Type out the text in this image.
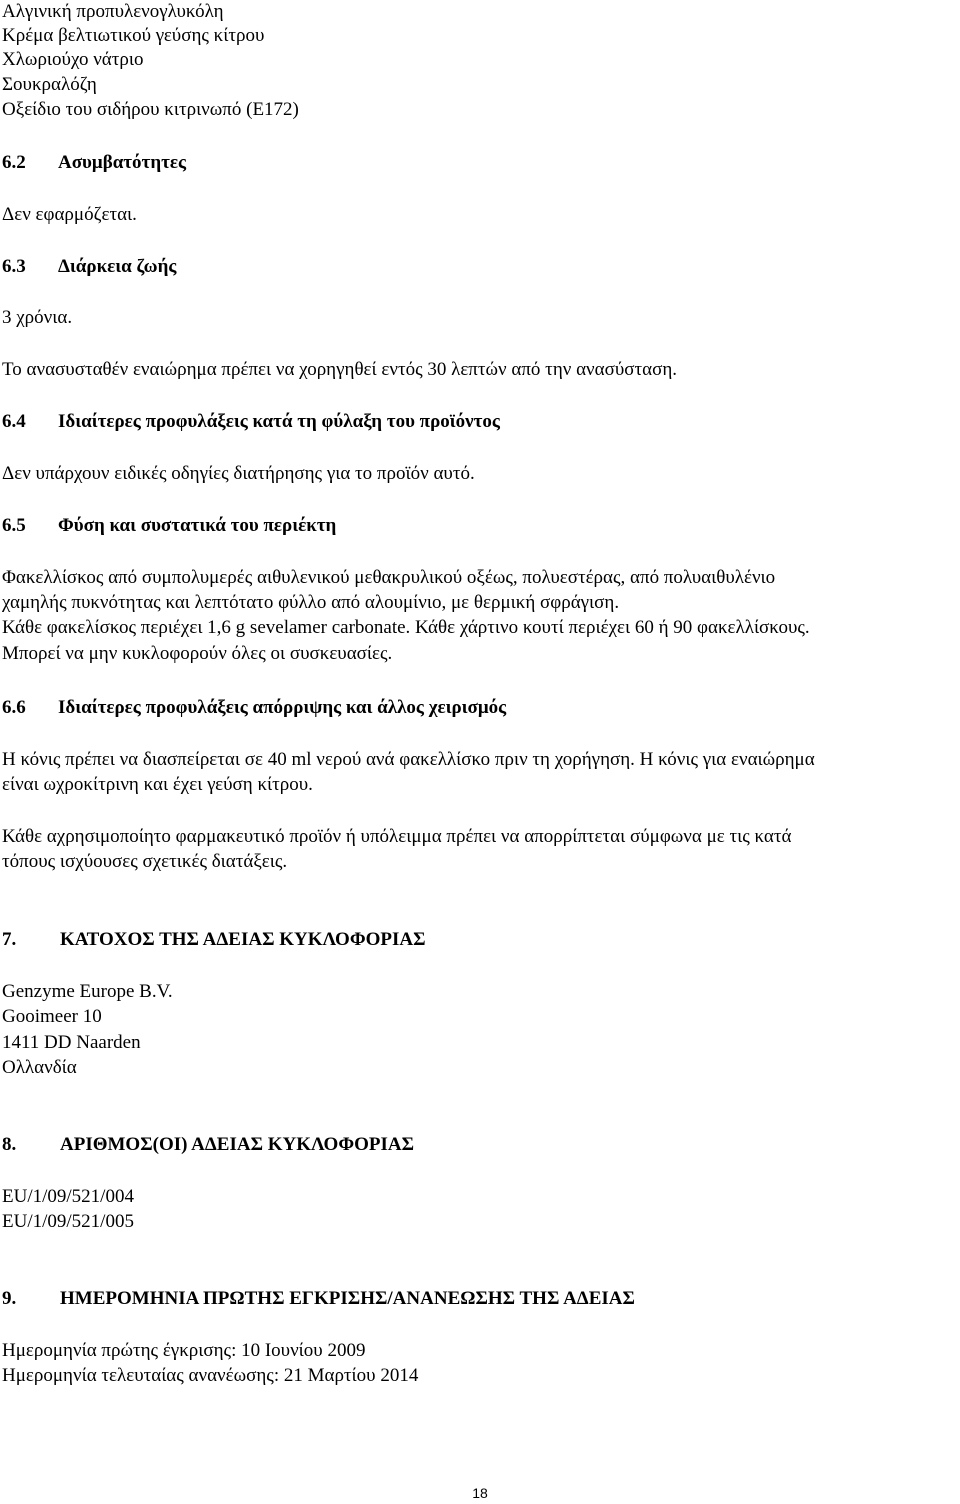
Αλγινική προπυλενογλυκόλη
Κρέμα βελτιωτικού γεύσης κίτρου
Χλωριούχο νάτριο
Σουκραλόζη
Οξείδιο του σιδήρου κιτρινωπό (E172)
6.2 Ασυμβατότητες
Δεν εφαρμόζεται.
6.3 Διάρκεια ζωής
3 χρόνια.
Το ανασυσταθέν εναιώρημα πρέπει να χορηγηθεί εντός 30 λεπτών από την ανασύσταση.
6.4 Ιδιαίτερες προφυλάξεις κατά τη φύλαξη του προϊόντος
Δεν υπάρχουν ειδικές οδηγίες διατήρησης για το προϊόν αυτό.
6.5 Φύση και συστατικά του περιέκτη
Φακελλίσκος από συμπολυμερές αιθυλενικού μεθακρυλικού οξέως, πολυεστέρας, από πολυαιθυλένιο
χαμηλής πυκνότητας και λεπτότατο φύλλο από αλουμίνιο, με θερμική σφράγιση.
Κάθε φακελίσκος περιέχει 1,6 g sevelamer carbonate. Κάθε χάρτινο κουτί περιέχει 60 ή 90 φακελλίσκους.
Μπορεί να μην κυκλοφορούν όλες οι συσκευασίες.
6.6 Ιδιαίτερες προφυλάξεις απόρριψης και άλλος χειρισμός
Η κόνις πρέπει να διασπείρεται σε 40 ml νερού ανά φακελλίσκο πριν τη χορήγηση. Η κόνις για εναιώρημα
είναι ωχροκίτρινη και έχει γεύση κίτρου.
Κάθε αχρησιμοποίητο φαρμακευτικό προϊόν ή υπόλειμμα πρέπει να απορρίπτεται σύμφωνα με τις κατά
τόπους ισχύουσες σχετικές διατάξεις.
7. ΚΑΤΟΧΟΣ ΤΗΣ ΑΔΕΙΑΣ ΚΥΚΛΟΦΟΡΙΑΣ
Genzyme Europe B.V.
Gooimeer 10
1411 DD Naarden
Ολλανδία
8. ΑΡΙΘΜΟΣ(ΟΙ) ΑΔΕΙΑΣ ΚΥΚΛΟΦΟΡΙΑΣ
EU/1/09/521/004
EU/1/09/521/005
9. ΗΜΕΡΟΜΗΝΙΑ ΠΡΩΤΗΣ ΕΓΚΡΙΣΗΣ/ΑΝΑΝΕΩΣΗΣ ΤΗΣ ΑΔΕΙΑΣ
Ημερομηνία πρώτης έγκρισης: 10 Ιουνίου 2009
Ημερομηνία τελευταίας ανανέωσης: 21 Μαρτίου 2014
18
